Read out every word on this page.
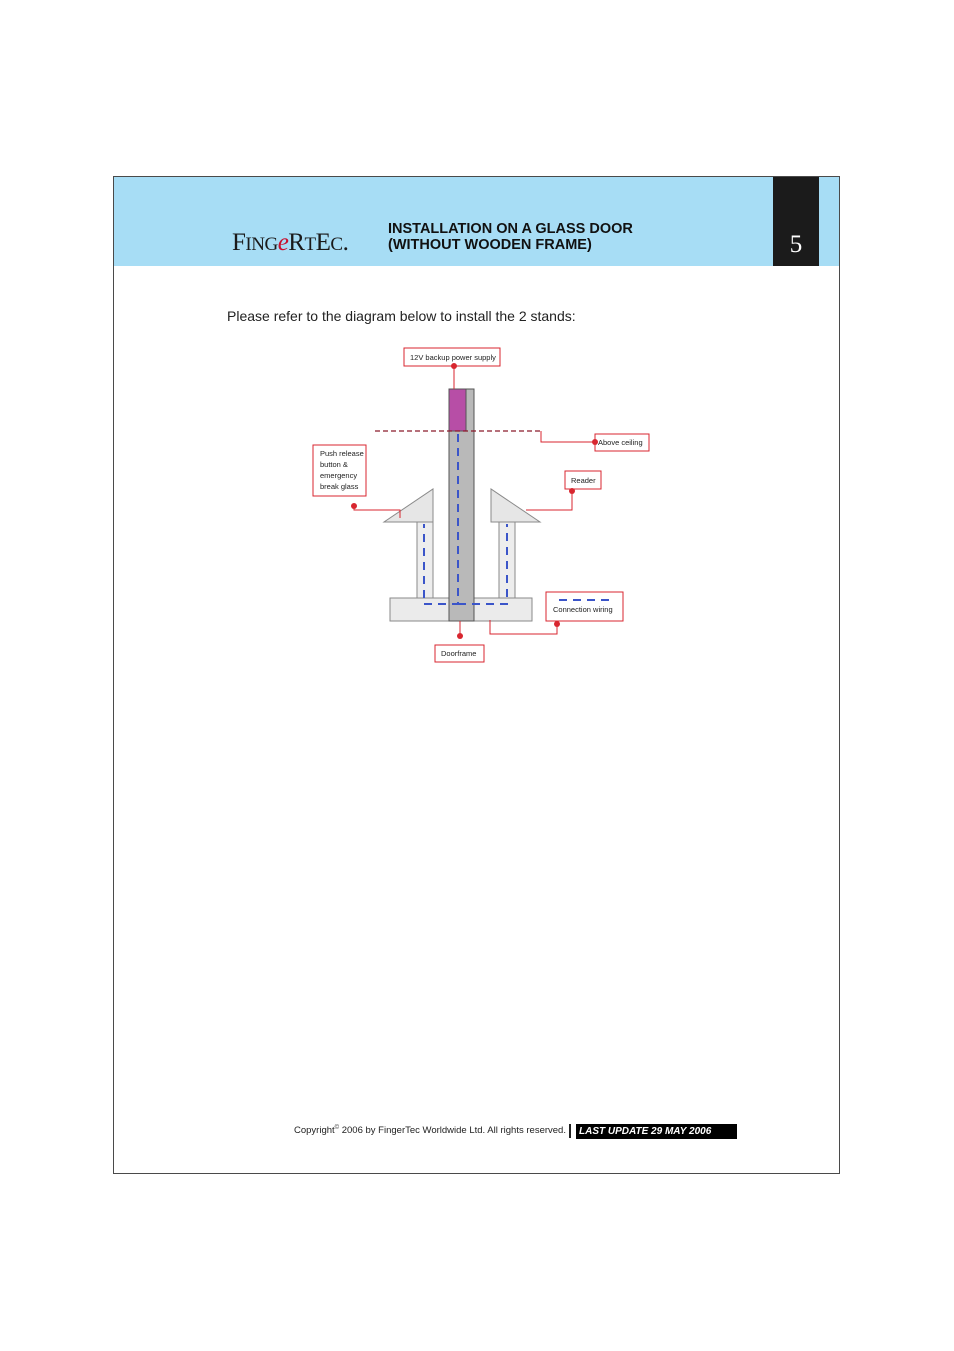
FINGeRTEC.	INSTALLATION ON A GLASS DOOR
(WITHOUT WOODEN FRAME)	5
Please refer to the diagram below to install the 2 stands:
12V backup power supply
Above ceiling
Push release
button &
emergency
break glass
Reader
Connection wiring
Doorframe
Copyright© 2006 by FingerTec Worldwide Ltd. All rights reserved.	LAST UPDATE 29 MAY 2006
